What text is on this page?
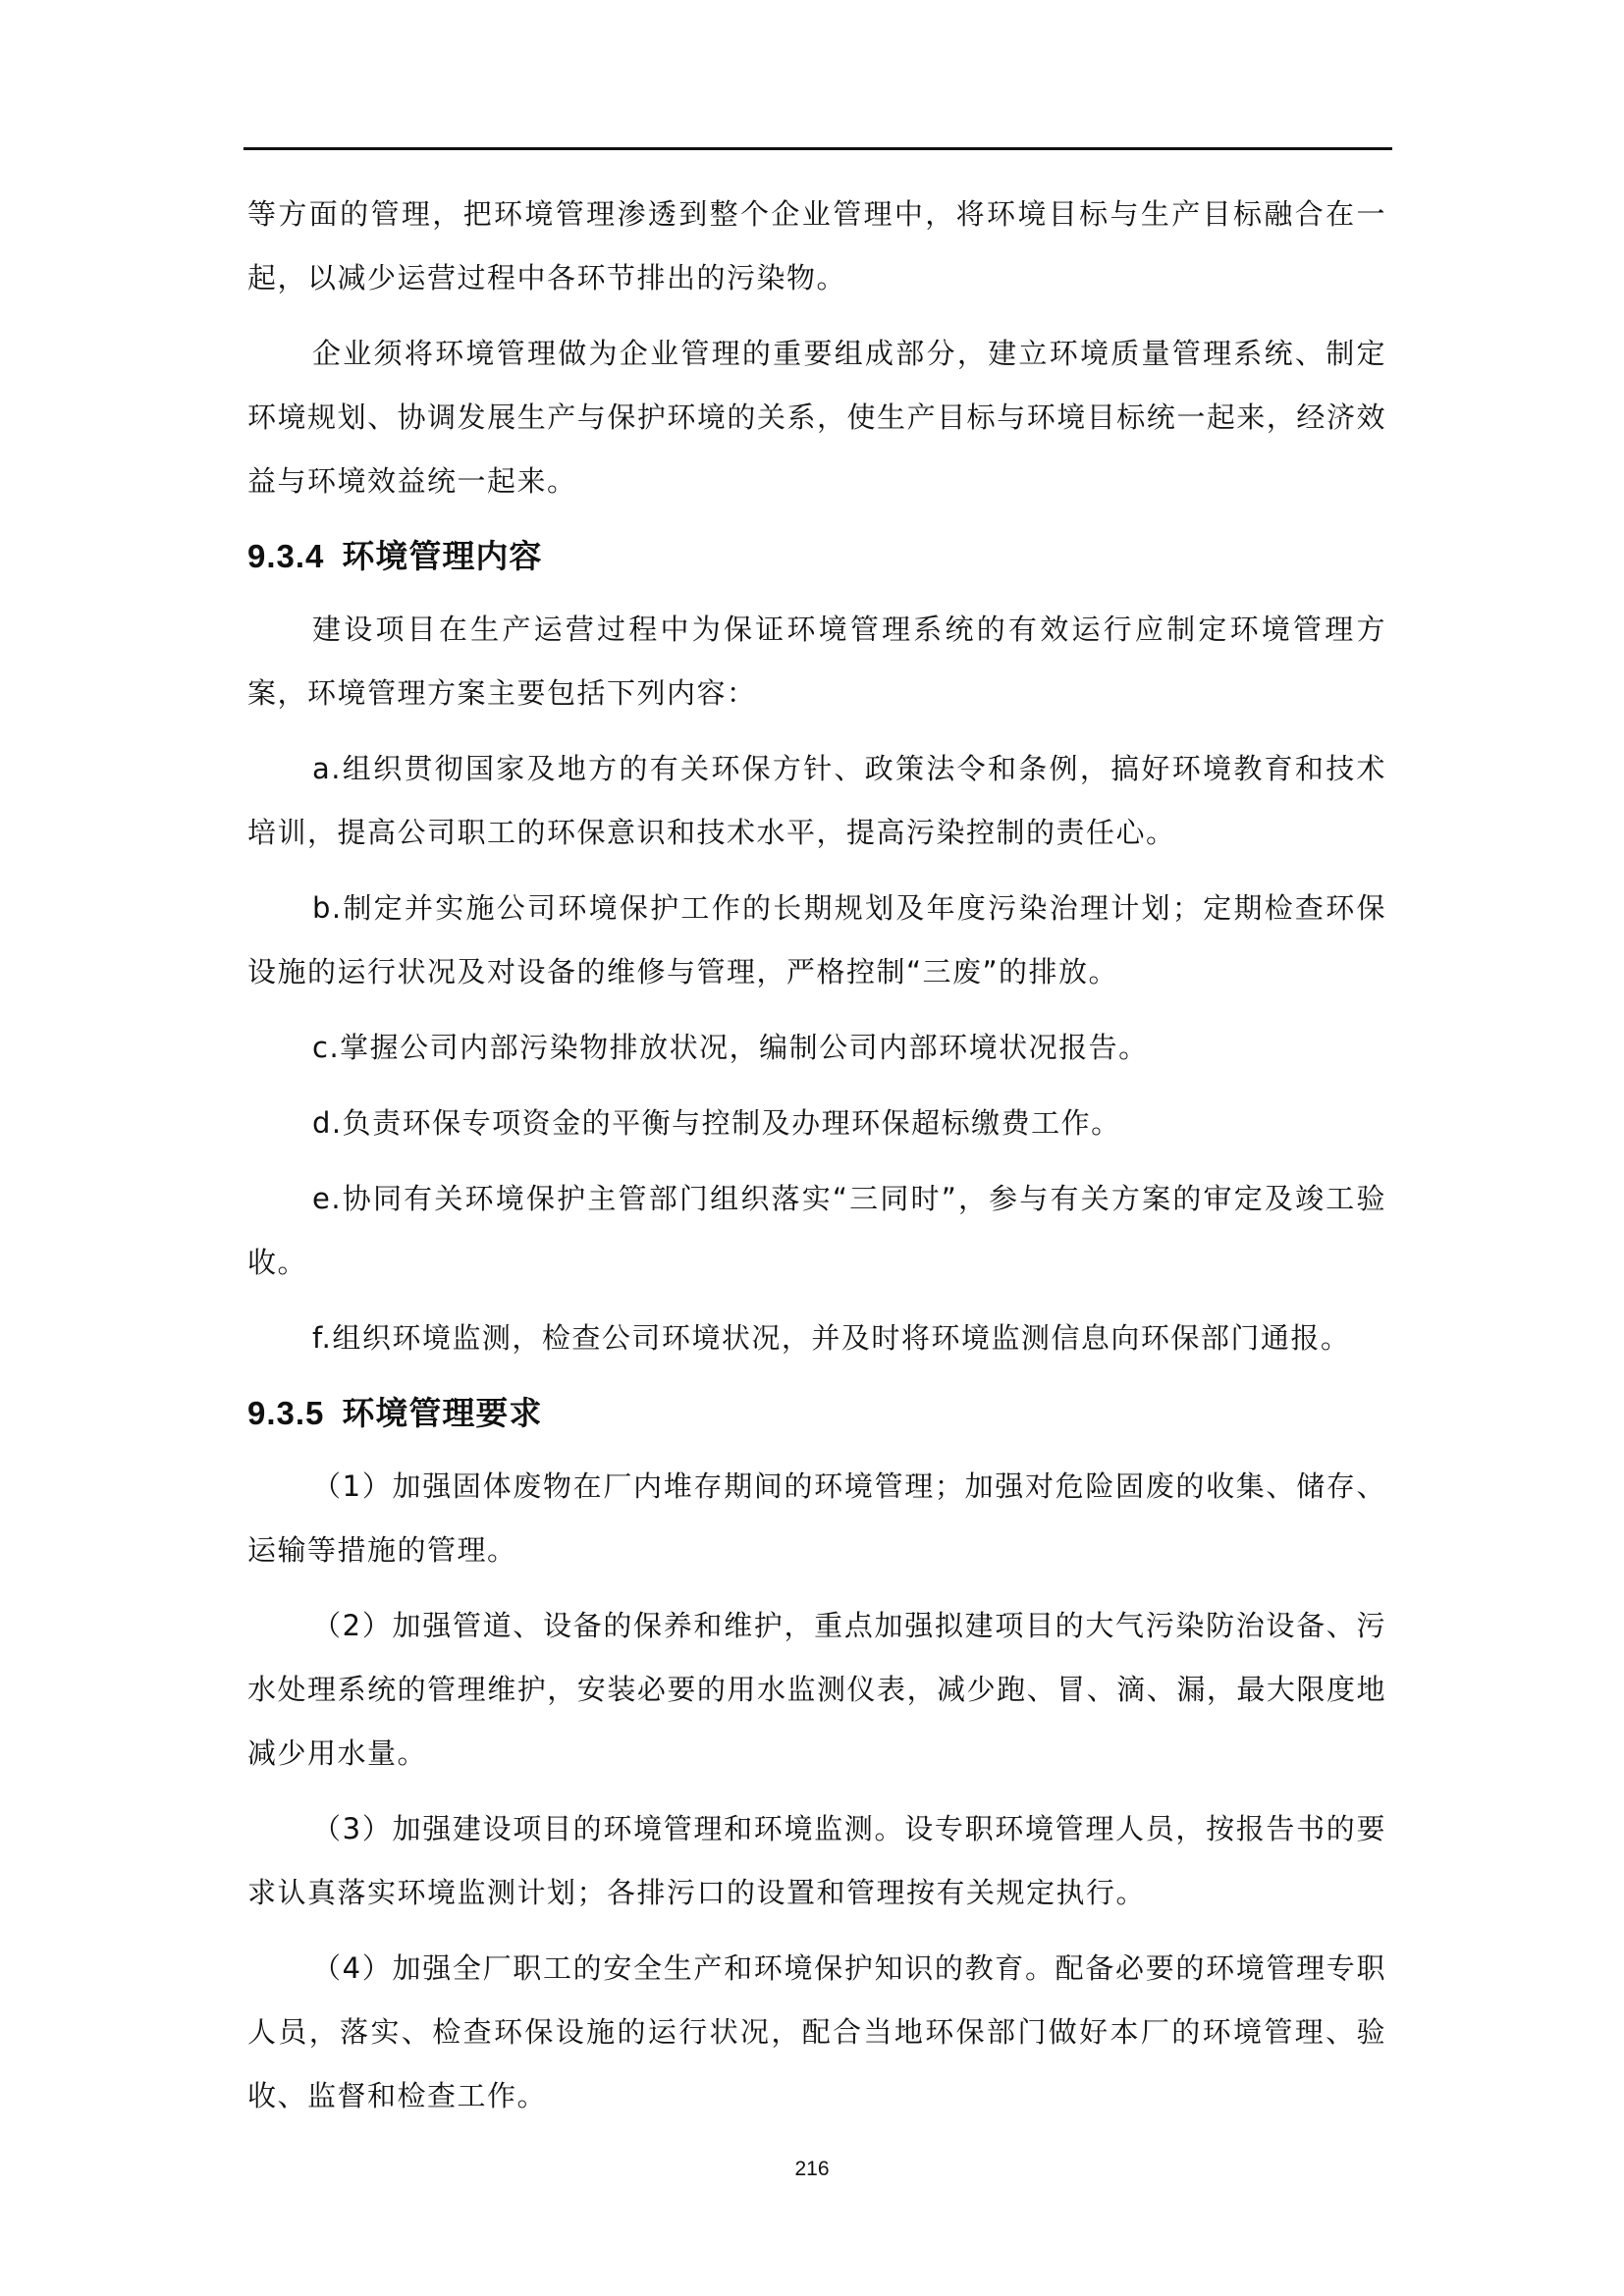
等方面的管理，把环境管理渗透到整个企业管理中，将环境目标与生产目标融合在一起，以减少运营过程中各环节排出的污染物。

企业须将环境管理做为企业管理的重要组成部分，建立环境质量管理系统、制定环境规划、协调发展生产与保护环境的关系，使生产目标与环境目标统一起来，经济效益与环境效益统一起来。

9.3.4 环境管理内容

建设项目在生产运营过程中为保证环境管理系统的有效运行应制定环境管理方案，环境管理方案主要包括下列内容：

a.组织贯彻国家及地方的有关环保方针、政策法令和条例，搞好环境教育和技术培训，提高公司职工的环保意识和技术水平，提高污染控制的责任心。

b.制定并实施公司环境保护工作的长期规划及年度污染治理计划；定期检查环保设施的运行状况及对设备的维修与管理，严格控制“三废”的排放。

c.掌握公司内部污染物排放状况，编制公司内部环境状况报告。

d.负责环保专项资金的平衡与控制及办理环保超标缴费工作。

e.协同有关环境保护主管部门组织落实“三同时”，参与有关方案的审定及竣工验收。

f.组织环境监测，检查公司环境状况，并及时将环境监测信息向环保部门通报。

9.3.5 环境管理要求

（1）加强固体废物在厂内堆存期间的环境管理；加强对危险固废的收集、储存、运输等措施的管理。

（2）加强管道、设备的保养和维护，重点加强拟建项目的大气污染防治设备、污水处理系统的管理维护，安装必要的用水监测仪表，减少跑、冒、滴、漏，最大限度地减少用水量。

（3）加强建设项目的环境管理和环境监测。设专职环境管理人员，按报告书的要求认真落实环境监测计划；各排污口的设置和管理按有关规定执行。

（4）加强全厂职工的安全生产和环境保护知识的教育。配备必要的环境管理专职人员，落实、检查环保设施的运行状况，配合当地环保部门做好本厂的环境管理、验收、监督和检查工作。

216
